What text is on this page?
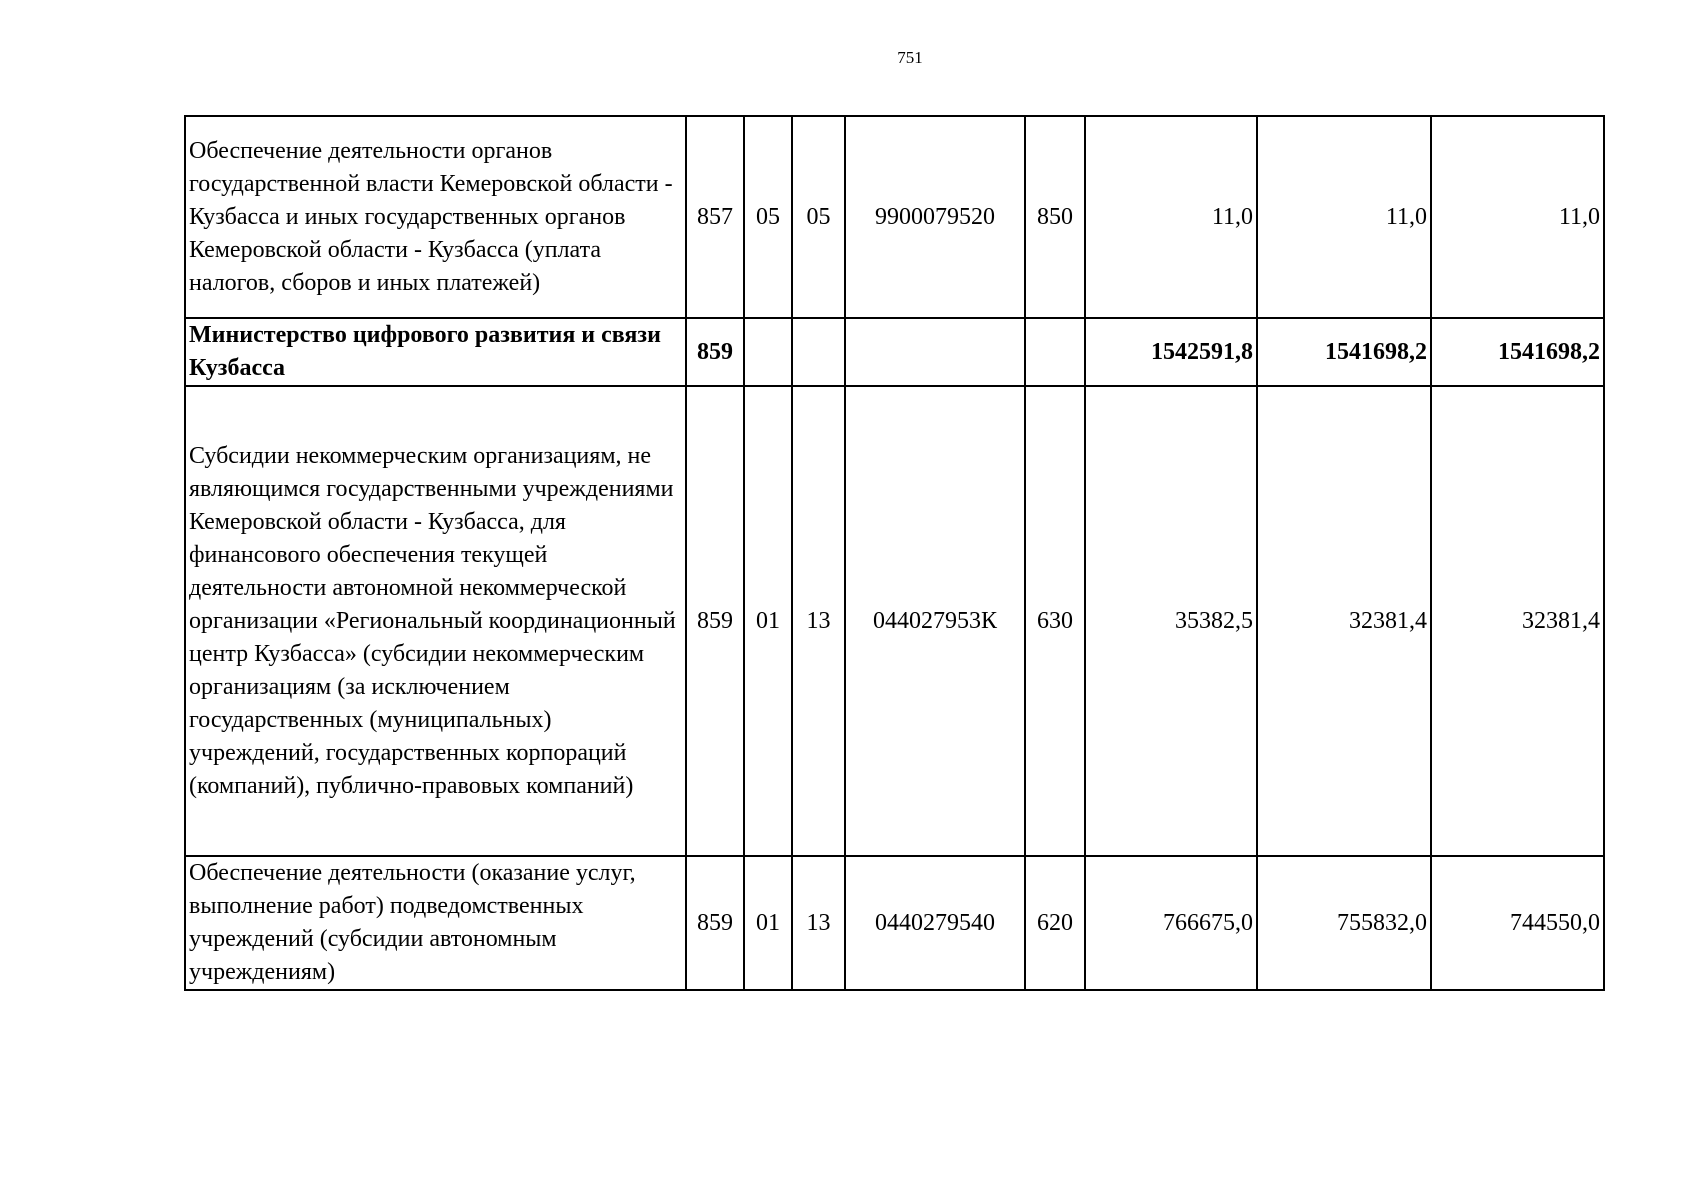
751
Обеспечение деятельности органов государственной власти Кемеровской области - Кузбасса и иных государственных органов Кемеровской области - Кузбасса (уплата налогов, сборов и иных платежей)	857	05	05	9900079520	850	11,0	11,0	11,0
Министерство цифрового развития и связи Кузбасса	859					1542591,8	1541698,2	1541698,2
Субсидии некоммерческим организациям, не являющимся государственными учреждениями Кемеровской области - Кузбасса, для финансового обеспечения текущей деятельности автономной некоммерческой организации «Региональный координационный центр Кузбасса» (субсидии некоммерческим организациям (за исключением государственных (муниципальных) учреждений, государственных корпораций (компаний), публично-правовых компаний)	859	01	13	044027953К	630	35382,5	32381,4	32381,4
Обеспечение деятельности (оказание услуг, выполнение работ) подведомственных учреждений (субсидии автономным учреждениям)	859	01	13	0440279540	620	766675,0	755832,0	744550,0
